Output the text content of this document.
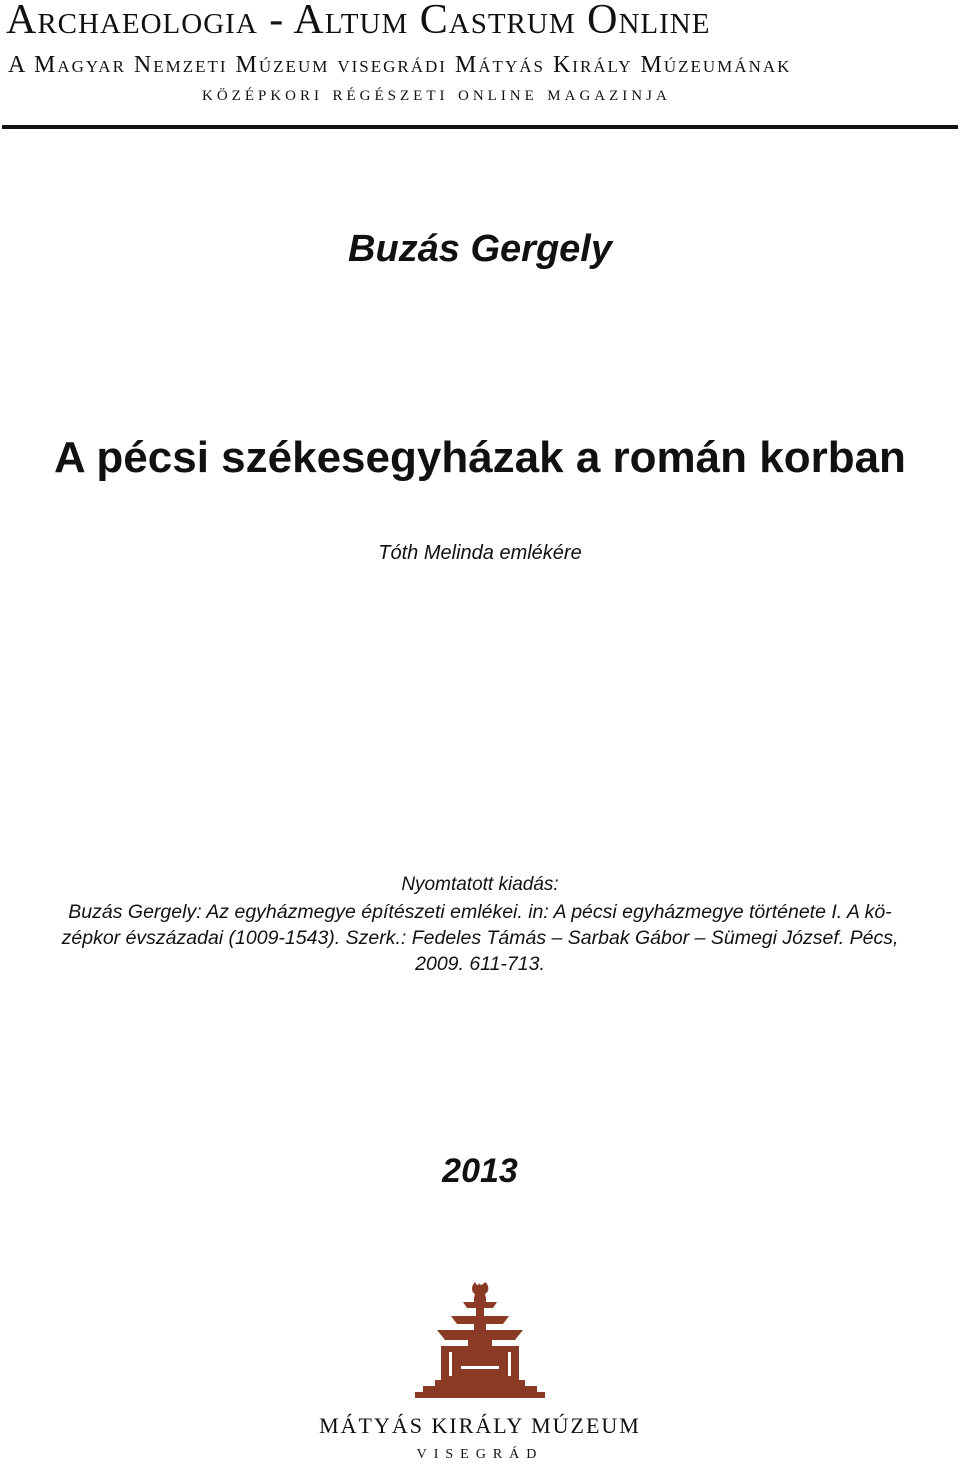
Archaeologia - Altum Castrum Online
A Magyar Nemzeti Múzeum visegrádi Mátyás Király Múzeumának
középkori régészeti online magazinja
Buzás Gergely
A pécsi székesegyházak a román korban
Tóth Melinda emlékére
Nyomtatott kiadás:

Buzás Gergely: Az egyházmegye építészeti emlékei. in: A pécsi egyházmegye története I. A kö-
zépkor évszázadai (1009-1543). Szerk.: Fedeles Támás – Sarbak Gábor – Sümegi József. Pécs,
2009. 611-713.

2013
MÁTYÁS KIRÁLY MÚZEUM
VISEGRÁD
